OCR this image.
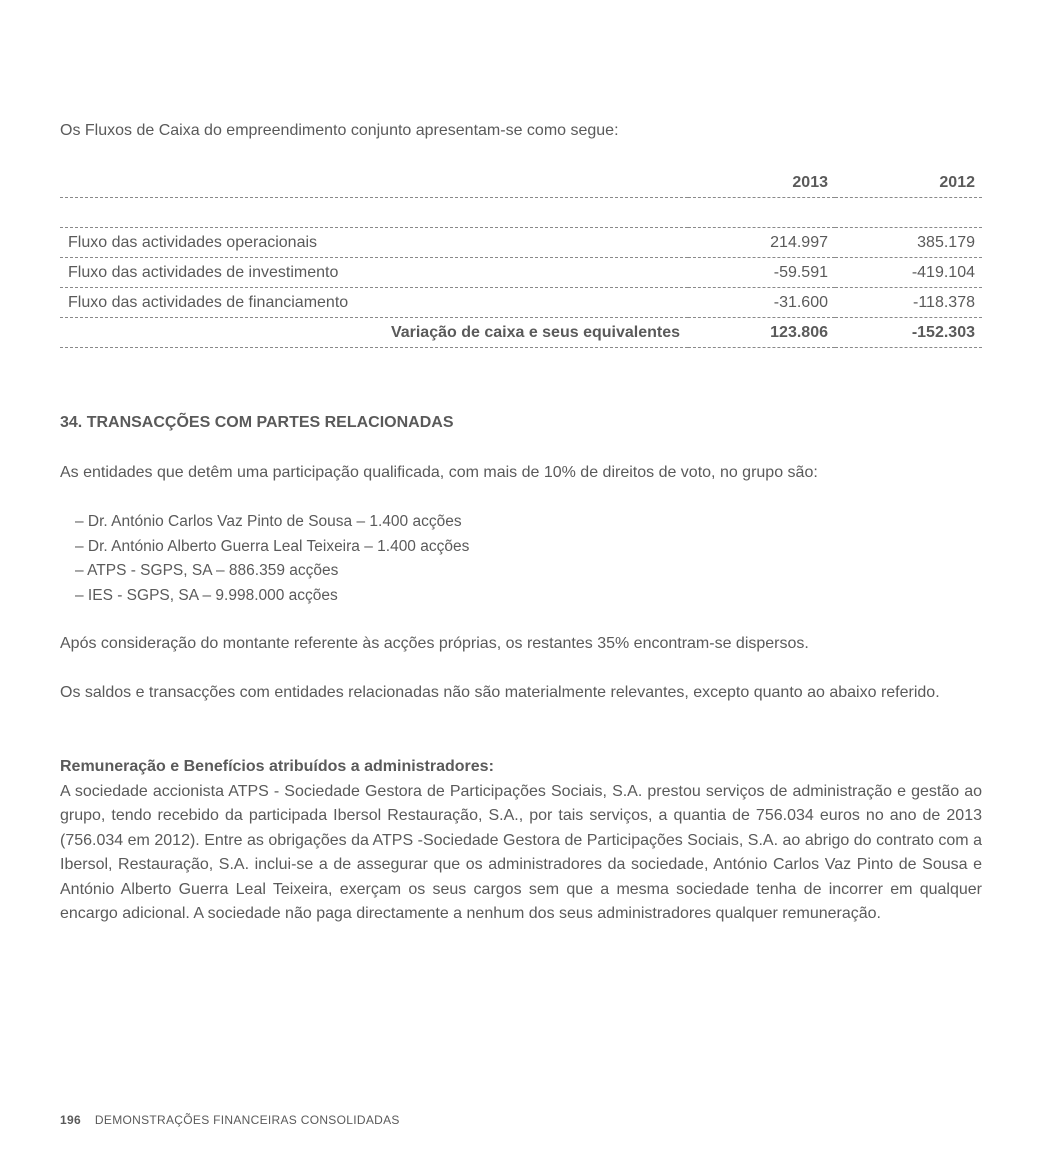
Os Fluxos de Caixa do empreendimento conjunto apresentam-se como segue:

	2013	2012

Fluxo das actividades operacionais	214.997	385.179
Fluxo das actividades de investimento	-59.591	-419.104
Fluxo das actividades de financiamento	-31.600	-118.378
Variação de caixa e seus equivalentes	123.806	-152.303
34. TRANSACÇÕES COM PARTES RELACIONADAS

As entidades que detêm uma participação qualificada, com mais de 10% de direitos de voto, no grupo são:

– Dr. António Carlos Vaz Pinto de Sousa – 1.400 acções
– Dr. António Alberto Guerra Leal Teixeira – 1.400 acções
– ATPS - SGPS, SA – 886.359 acções
– IES - SGPS, SA – 9.998.000 acções

Após consideração do montante referente às acções próprias, os restantes 35% encontram-se dispersos.

Os saldos e transacções com entidades relacionadas não são materialmente relevantes, excepto quanto ao abaixo referido.

Remuneração e Benefícios atribuídos a administradores:
A sociedade accionista ATPS - Sociedade Gestora de Participações Sociais, S.A. prestou serviços de administração e gestão ao grupo, tendo recebido da participada Ibersol Restauração, S.A., por tais serviços, a quantia de 756.034 euros no ano de 2013 (756.034 em 2012). Entre as obrigações da ATPS -Sociedade Gestora de Participações Sociais, S.A. ao abrigo do contrato com a Ibersol, Restauração, S.A. inclui-se a de assegurar que os administradores da sociedade, António Carlos Vaz Pinto de Sousa e António Alberto Guerra Leal Teixeira, exerçam os seus cargos sem que a mesma sociedade tenha de incorrer em qualquer encargo adicional. A sociedade não paga directamente a nenhum dos seus administradores qualquer remuneração.
196 DEMONSTRAÇÕES FINANCEIRAS CONSOLIDADAS
